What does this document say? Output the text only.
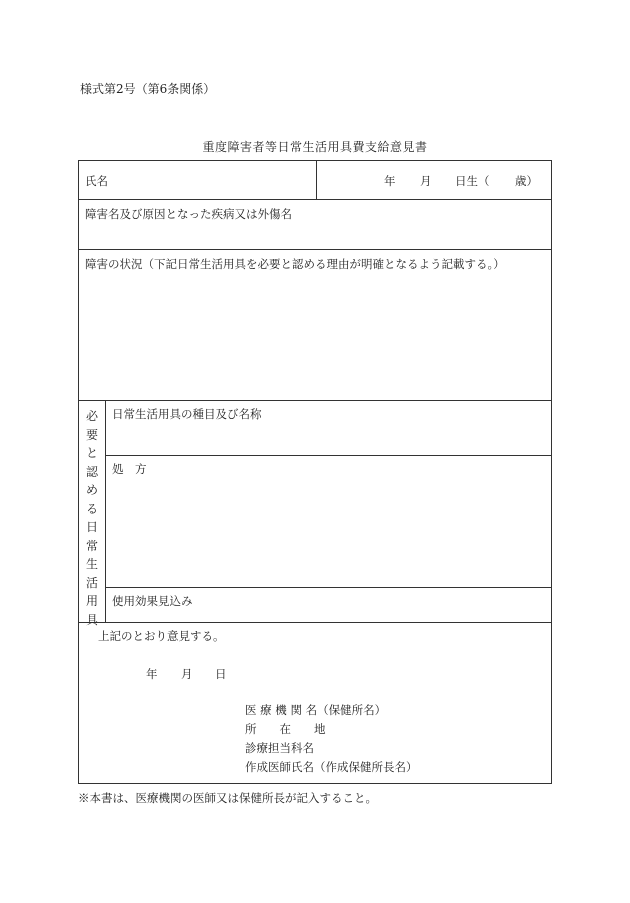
様式第2号（第6条関係）
重度障害者等日常生活用具費支給意見書
氏名	年 月 日生（ 歳）
障害名及び原因となった疾病又は外傷名
障害の状況（下記日常生活用具を必要と認める理由が明確となるよう記載する。）
必
要
と
認
め
る
日
常
生
活
用
具
日常生活用具の種目及び名称
処　方
使用効果見込み
上記のとおり意見する。
年 月 日
医 療 機 関 名（保健所名）
所　　在　　地
診療担当科名
作成医師氏名（作成保健所長名）
※本書は、医療機関の医師又は保健所長が記入すること。
